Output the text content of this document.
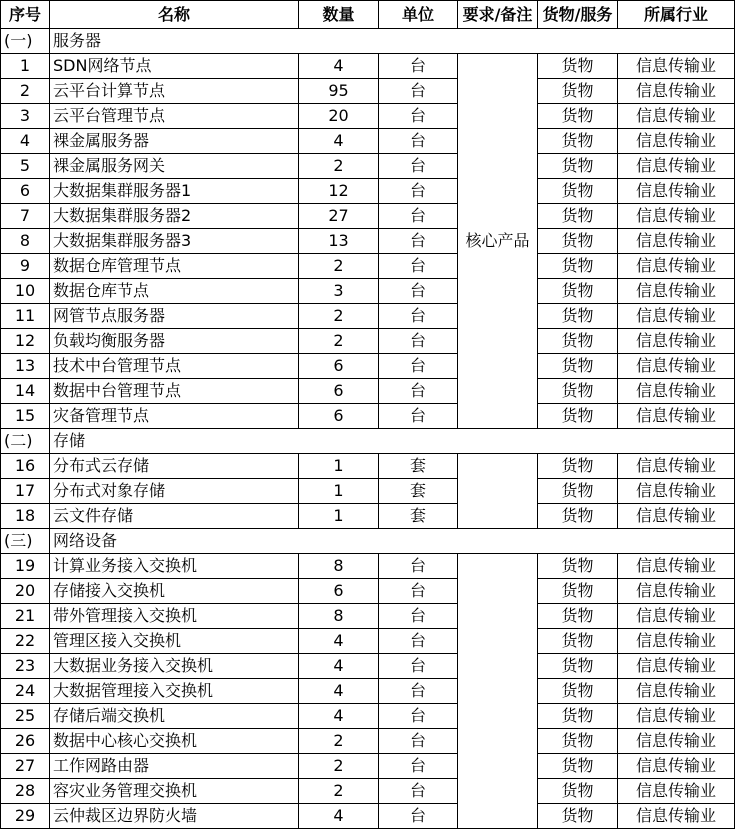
序号	名称	数量	单位	要求/备注	货物/服务	所属行业
(一)	服务器					
1	SDN网络节点	4	台	核心产品	货物	信息传输业
2	云平台计算节点	95	台		货物	信息传输业
3	云平台管理节点	20	台		货物	信息传输业
4	裸金属服务器	4	台		货物	信息传输业
5	裸金属服务网关	2	台		货物	信息传输业
6	大数据集群服务器1	12	台		货物	信息传输业
7	大数据集群服务器2	27	台		货物	信息传输业
8	大数据集群服务器3	13	台		货物	信息传输业
9	数据仓库管理节点	2	台		货物	信息传输业
10	数据仓库节点	3	台		货物	信息传输业
11	网管节点服务器	2	台		货物	信息传输业
12	负载均衡服务器	2	台		货物	信息传输业
13	技术中台管理节点	6	台		货物	信息传输业
14	数据中台管理节点	6	台		货物	信息传输业
15	灾备管理节点	6	台		货物	信息传输业
(二)	存储					
16	分布式云存储	1	套		货物	信息传输业
17	分布式对象存储	1	套		货物	信息传输业
18	云文件存储	1	套		货物	信息传输业
(三)	网络设备					
19	计算业务接入交换机	8	台		货物	信息传输业
20	存储接入交换机	6	台		货物	信息传输业
21	带外管理接入交换机	8	台		货物	信息传输业
22	管理区接入交换机	4	台		货物	信息传输业
23	大数据业务接入交换机	4	台		货物	信息传输业
24	大数据管理接入交换机	4	台		货物	信息传输业
25	存储后端交换机	4	台		货物	信息传输业
26	数据中心核心交换机	2	台		货物	信息传输业
27	工作网路由器	2	台		货物	信息传输业
28	容灾业务管理交换机	2	台		货物	信息传输业
29	云仲裁区边界防火墙	4	台		货物	信息传输业
